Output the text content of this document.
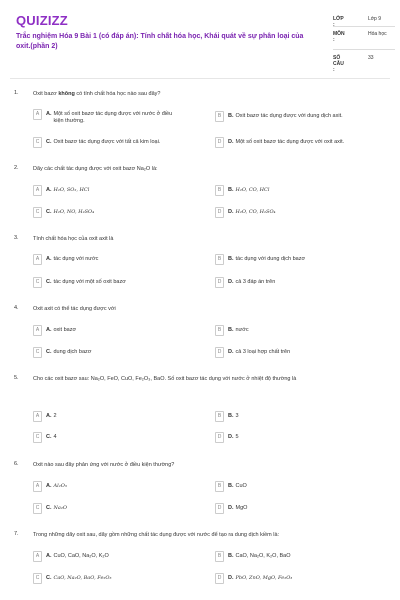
QUIZIZZ
Trắc nghiệm Hóa 9 Bài 1 (có đáp án): Tính chất hóa học, Khái quát về sự phân loại của oxit.(phần 2)
LỚP :
Lớp 9
MÔN :
Hóa học
SỐ CÂU :
33
1.	Oxit bazơ không có tính chất hóa học nào sau đây?
A	A. Một số oxit bazơ tác dụng được với nước ở điều kiện thường.
B	B. Oxit bazơ tác dụng được với dung dịch axit.
C	C. Oxit bazơ tác dụng được với tất cả kim loại.	D	D. Một số oxit bazơ tác dụng được với oxit axit.
2.	Dãy các chất tác dụng được với oxit bazơ Na₂O là:
A	A. H₂O, SO₂, HCl	B	B. H₂O, CO, HCl
C	C. H₂O, NO, H₂SO₄	D	D. H₂O, CO, H₂SO₄
3.	Tính chất hóa học của oxit axit là
A	A. tác dụng với nước	B	B. tác dụng với dung dịch bazơ
C	C. tác dụng với một số oxit bazơ	D	D. cả 3 đáp án trên
4.	Oxit axit có thể tác dụng được với
A	A. oxit bazơ	B	B. nước
C	C. dung dịch bazơ	D	D. cả 3 loại hợp chất trên
5.	Cho các oxit bazơ sau: Na₂O, FeO, CuO, Fe₂O₃, BaO. Số oxit bazơ tác dụng với nước ở nhiệt độ thường là
A	A. 2	B	B. 3
C	C. 4	D	D. 5
6.	Oxit nào sau đây phản ứng với nước ở điều kiện thường?
A	A. Al₂O₃	B	B. CuO
C	C. Na₂O	D	D. MgO
7.	Trong những dãy oxit sau, dãy gồm những chất tác dụng được với nước để tạo ra dung dịch kiềm là:
A	A. CuO, CaO, Na₂O, K₂O	B	B. CaO, Na₂O, K₂O, BaO
C	C. CaO, Na₂O, BaO, Fe₂O₃	D	D. PbO, ZnO, MgO, Fe₂O₃
